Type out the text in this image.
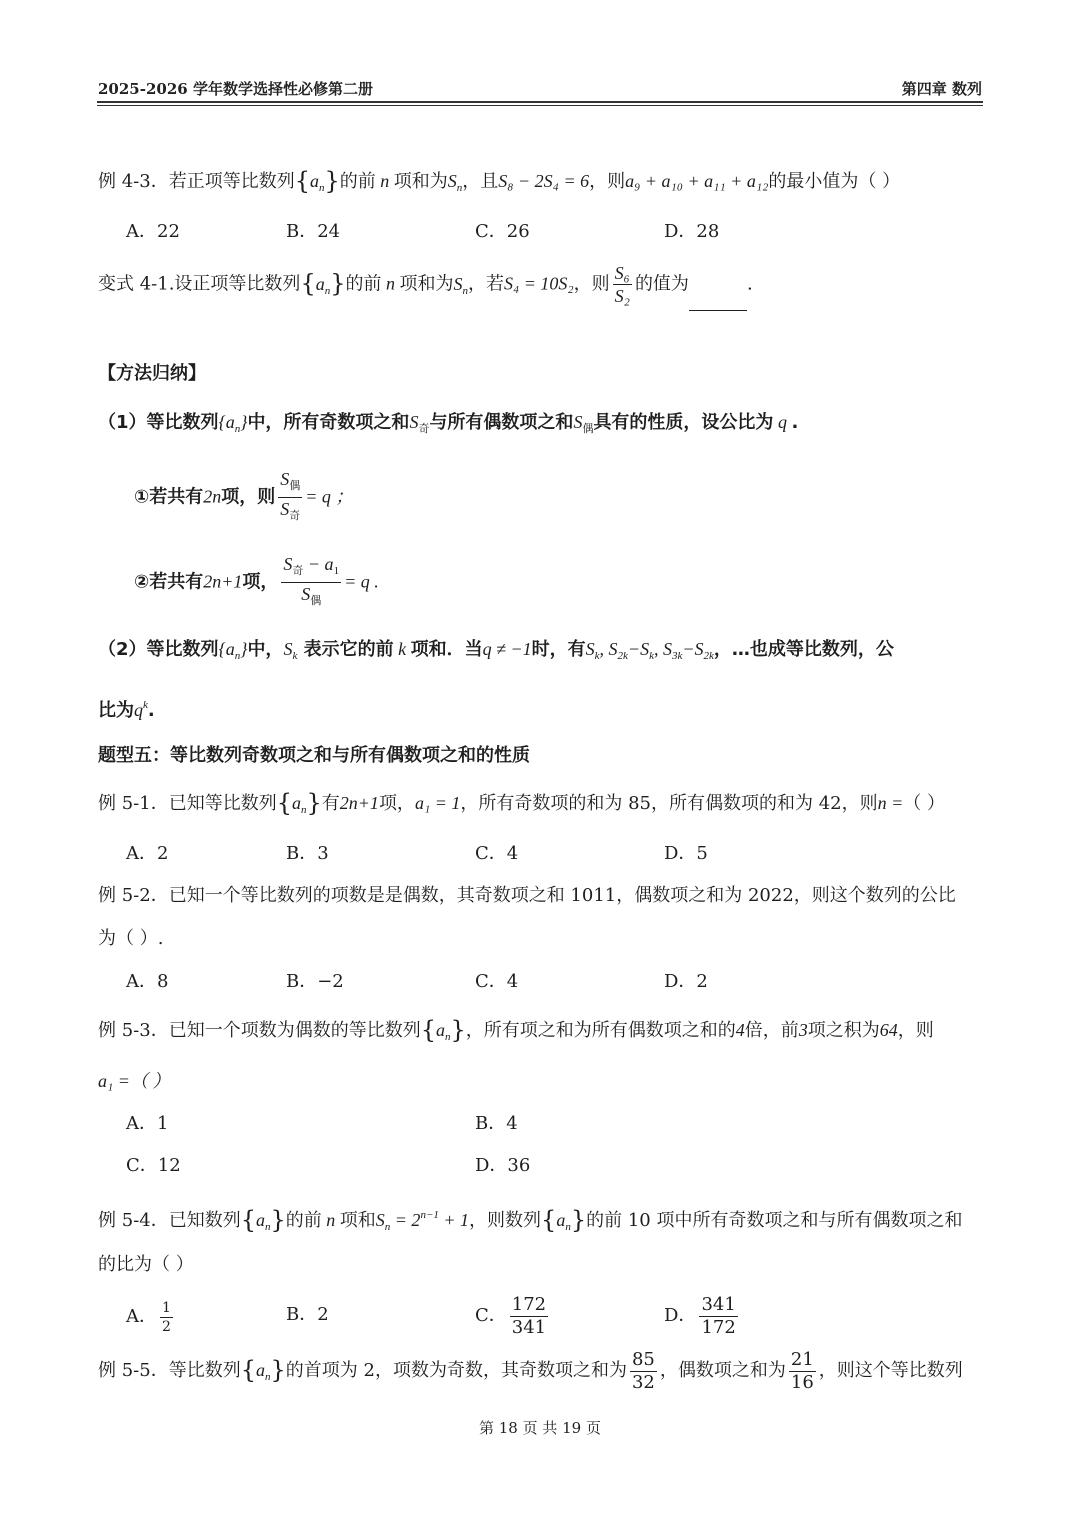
2025-2026 学年数学选择性必修第二册	第四章 数列
例 4-3．若正项等比数列$\{a_n\}$的前 n 项和为$S_n$，且S₈ − 2S₄ = 6，则a₉ + a₁₀ + a₁₁ + a₁₂的最小值为（ ）
A．22	B．24	C．26	D．28
变式 4-1.设正项等比数列$\{a_n\}$的前 n 项和为$S_n$，若S₄ = 10S₂，则 $\frac{\text{S₆}}{\text{S₂}}$ 的值为	.
【方法归纳】
（1）等比数列$\{a_n\}$中，所有奇数项之和$S_奇$与所有偶数项之和$S_偶$具有的性质，设公比为 q .
①若共有2n项，则 $\frac{S_偶}{S_奇} = q$ ；
②若共有2n+1项， $\frac{S_奇 - a_1}{S_偶} = q$ .
（2）等比数列$\{a_n\}$中，$S_k$ 表示它的前 k 项和．当q ≠ −1时，有$S_k$, $S_{2k}-S_k$, $S_{3k}-S_{2k}$，…也成等比数列，公
比为$q^k$.
题型五：等比数列奇数项之和与所有偶数项之和的性质
例 5-1．已知等比数列$\{a_n\}$有2n+1项，a₁ = 1，所有奇数项的和为 85，所有偶数项的和为 42，则n =（ ）
A．2	B．3	C．4	D．5
例 5-2．已知一个等比数列的项数是是偶数，其奇数项之和 1011，偶数项之和为 2022，则这个数列的公比
为（ ）.
A．8	B．−2	C．4	D．2
例 5-3．已知一个项数为偶数的等比数列$\{a_n\}$，所有项之和为所有偶数项之和的4倍，前3项之积为64，则
a₁ =（ ）
A．1	B．4
C．12	D．36
例 5-4．已知数列$\{a_n\}$的前 n 项和$S_n = 2^{n-1} + 1$，则数列$\{a_n\}$的前 10 项中所有奇数项之和与所有偶数项之和
的比为（ ）
A． $\frac{1}{2}$	B．2	C． $\frac{172}{341}$	D． $\frac{341}{172}$
例 5-5．等比数列$\{a_n\}$的首项为 2，项数为奇数，其奇数项之和为 $\frac{85}{32}$ ，偶数项之和为 $\frac{21}{16}$ ，则这个等比数列
第 18 页 共 19 页
